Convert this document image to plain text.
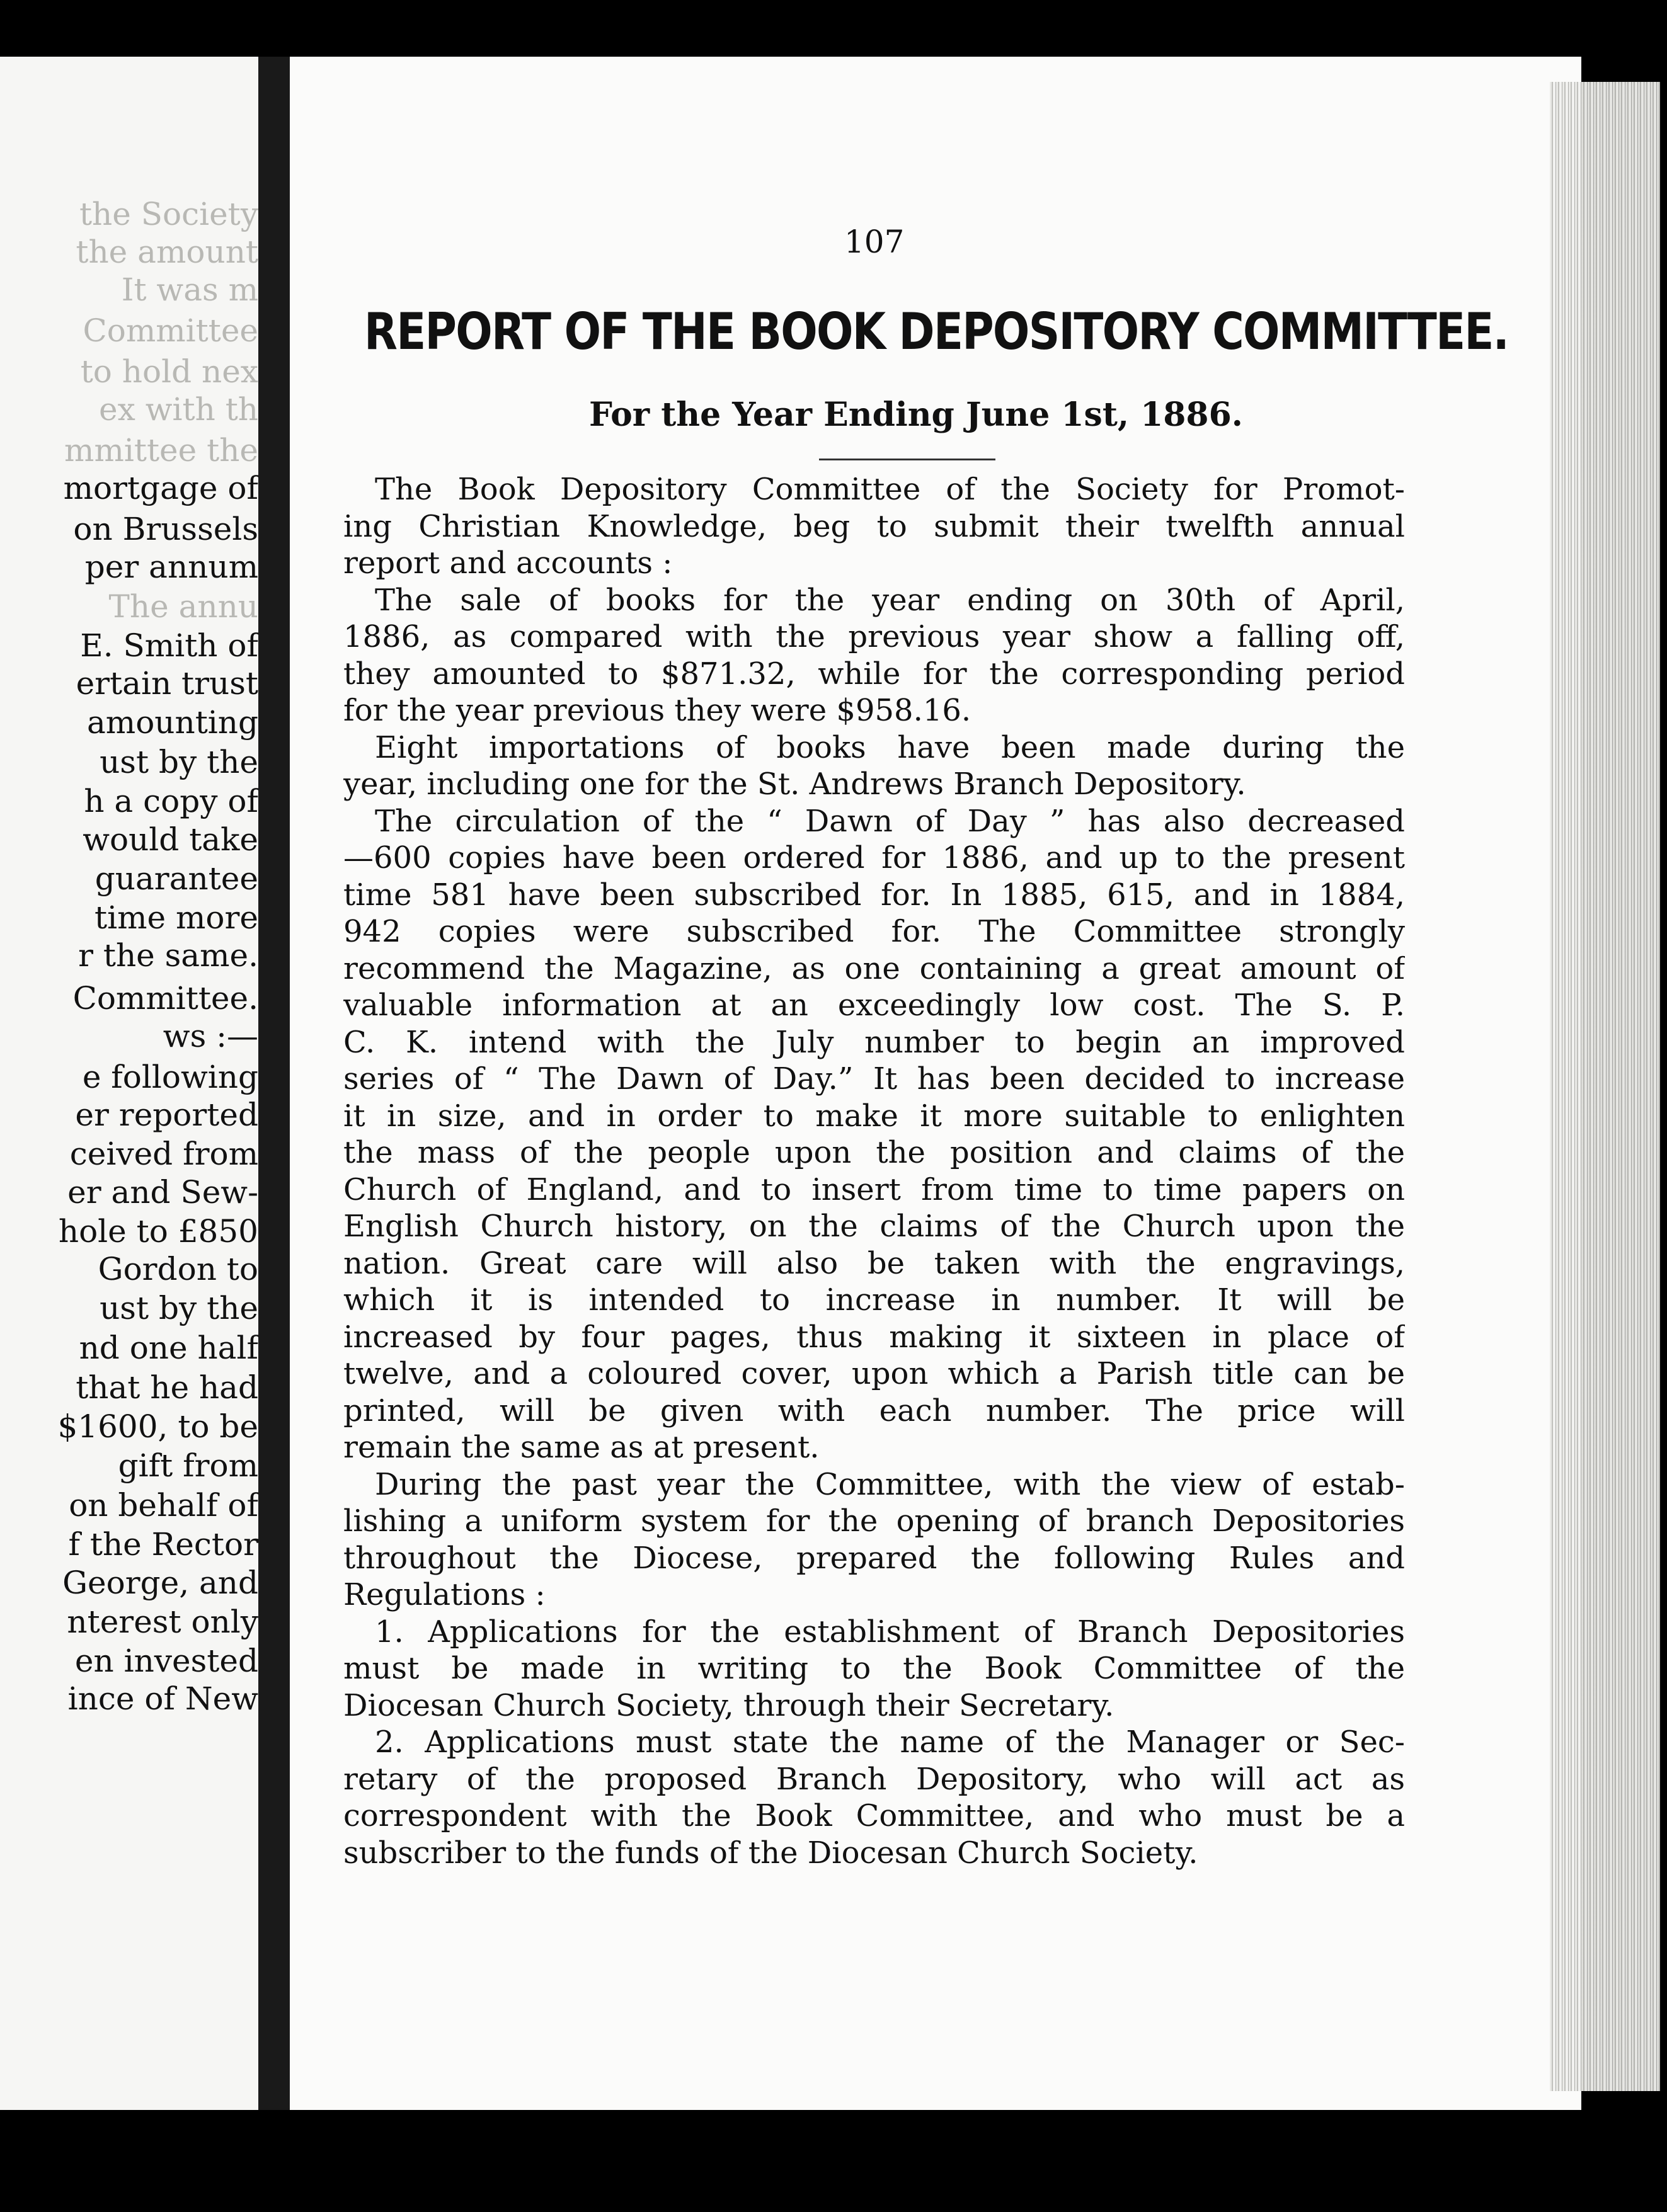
the Society
the amount
It was m
Committee
to hold nex
ex with th
mmittee the
mortgage of
on Brussels
per annum
The annu
E. Smith of
ertain trust
amounting
ust by the
h a copy of
would take
guarantee
time more
r the same.
Committee.
ws :—
e following
er reported
ceived from
er and Sew-
hole to £850
Gordon to
ust by the
nd one half
that he had
$1600, to be
gift from
on behalf of
f the Rector
George, and
nterest only
en invested
ince of New
107
REPORT OF THE BOOK DEPOSITORY COMMITTEE.
For the Year Ending June 1st, 1886.
The Book Depository Committee of the Society for Promot-
ing Christian Knowledge, beg to submit their twelfth annual
report and accounts :
The sale of books for the year ending on 30th of April,
1886, as compared with the previous year show a falling off,
they amounted to $871.32, while for the corresponding period
for the year previous they were $958.16.
Eight importations of books have been made during the
year, including one for the St. Andrews Branch Depository.
The circulation of the “ Dawn of Day ” has also decreased
—600 copies have been ordered for 1886, and up to the present
time 581 have been subscribed for. In 1885, 615, and in 1884,
942 copies were subscribed for. The Committee strongly
recommend the Magazine, as one containing a great amount of
valuable information at an exceedingly low cost. The S. P.
C. K. intend with the July number to begin an improved
series of “ The Dawn of Day.” It has been decided to increase
it in size, and in order to make it more suitable to enlighten
the mass of the people upon the position and claims of the
Church of England, and to insert from time to time papers on
English Church history, on the claims of the Church upon the
nation. Great care will also be taken with the engravings,
which it is intended to increase in number. It will be
increased by four pages, thus making it sixteen in place of
twelve, and a coloured cover, upon which a Parish title can be
printed, will be given with each number. The price will
remain the same as at present.
During the past year the Committee, with the view of estab-
lishing a uniform system for the opening of branch Depositories
throughout the Diocese, prepared the following Rules and
Regulations :
1. Applications for the establishment of Branch Depositories
must be made in writing to the Book Committee of the
Diocesan Church Society, through their Secretary.
2. Applications must state the name of the Manager or Sec-
retary of the proposed Branch Depository, who will act as
correspondent with the Book Committee, and who must be a
subscriber to the funds of the Diocesan Church Society.
